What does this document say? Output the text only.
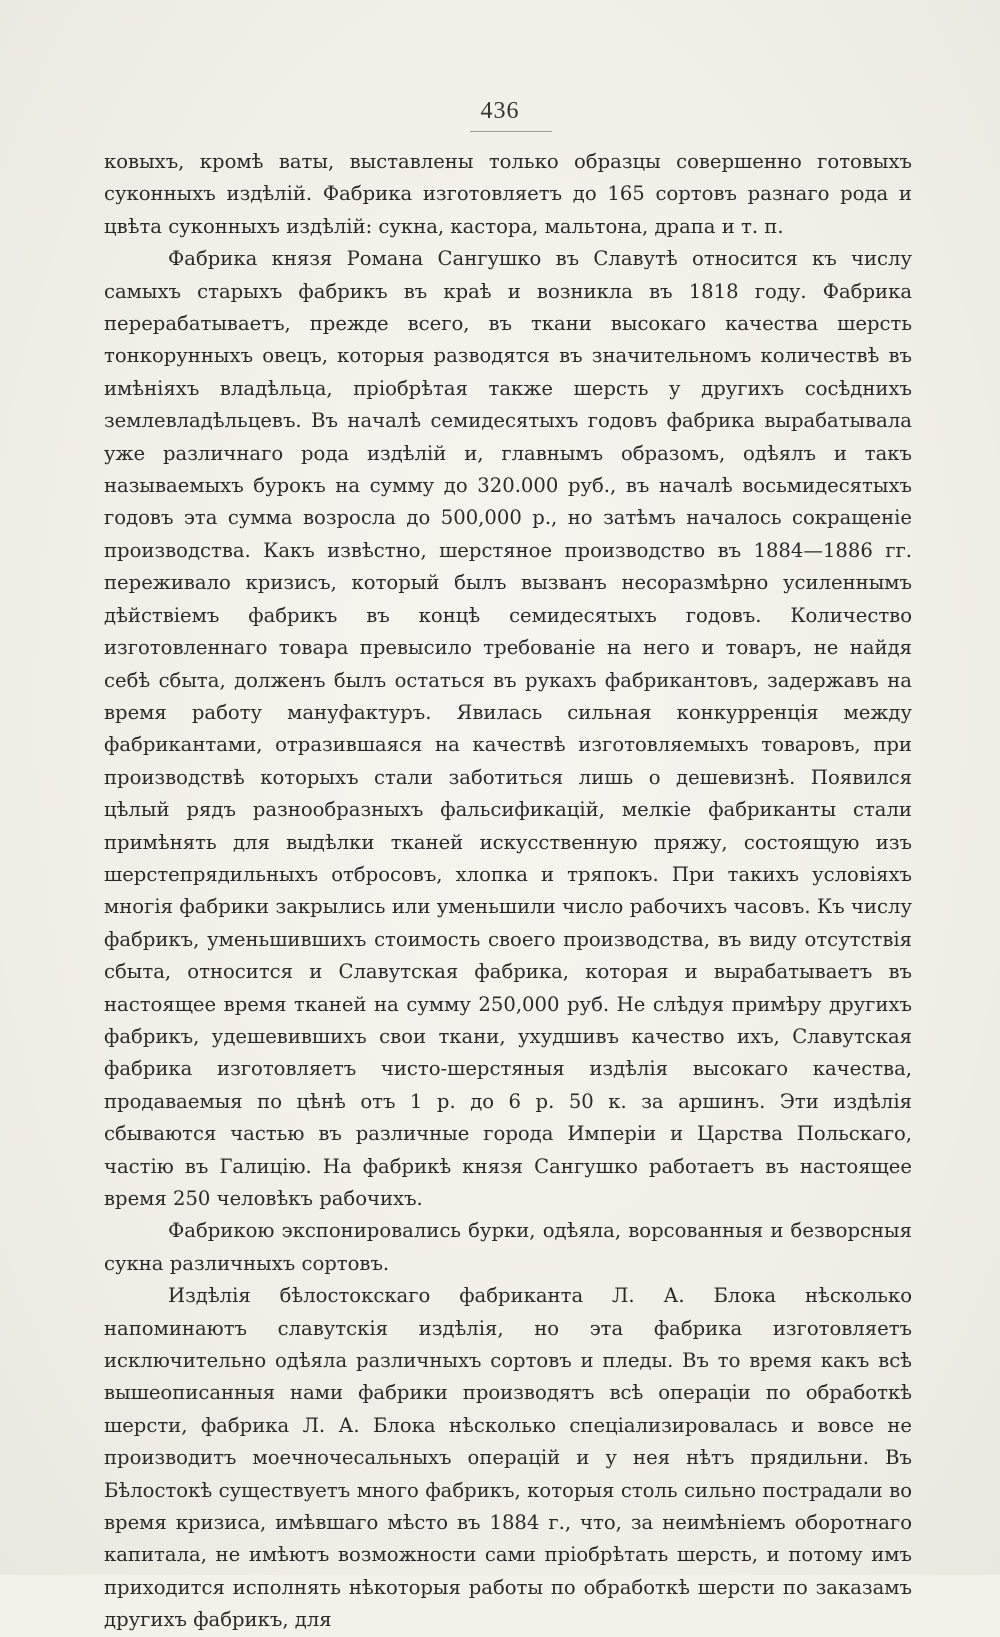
436

ковыхъ, кромѣ ваты, выставлены только образцы совершенно готовыхъ суконныхъ издѣлій. Фабрика изготовляетъ до 165 сортовъ разнаго рода и цвѣта суконныхъ издѣлій: сукна, кастора, мальтона, драпа и т. п.

Фабрика князя Романа Сангушко въ Славутѣ относится къ числу самыхъ старыхъ фабрикъ въ краѣ и возникла въ 1818 году. Фабрика перерабатываетъ, прежде всего, въ ткани высокаго качества шерсть тонкорунныхъ овецъ, которыя разводятся въ значительномъ количествѣ въ имѣніяхъ владѣльца, пріобрѣтая также шерсть у другихъ сосѣднихъ землевладѣльцевъ. Въ началѣ семидесятыхъ годовъ фабрика вырабатывала уже различнаго рода издѣлій и, главнымъ образомъ, одѣялъ и такъ называемыхъ бурокъ на сумму до 320.000 руб., въ началѣ восьмидесятыхъ годовъ эта сумма возросла до 500,000 р., но затѣмъ началось сокращеніе производства. Какъ извѣстно, шерстяное производство въ 1884—1886 гг. переживало кризисъ, который былъ вызванъ несоразмѣрно усиленнымъ дѣйствіемъ фабрикъ въ концѣ семидесятыхъ годовъ. Количество изготовленнаго товара превысило требованіе на него и товаръ, не найдя себѣ сбыта, долженъ былъ остаться въ рукахъ фабрикантовъ, задержавъ на время работу мануфактуръ. Явилась сильная конкурренція между фабрикантами, отразившаяся на качествѣ изготовляемыхъ товаровъ, при производствѣ которыхъ стали заботиться лишь о дешевизнѣ. Появился цѣлый рядъ разнообразныхъ фальсификацій, мелкіе фабриканты стали примѣнять для выдѣлки тканей искусственную пряжу, состоящую изъ шерстепрядильныхъ отбросовъ, хлопка и тряпокъ. При такихъ условіяхъ многія фабрики закрылись или уменьшили число рабочихъ часовъ. Къ числу фабрикъ, уменьшившихъ стоимость своего производства, въ виду отсутствія сбыта, относится и Славутская фабрика, которая и вырабатываетъ въ настоящее время тканей на сумму 250,000 руб. Не слѣдуя примѣру другихъ фабрикъ, удешевившихъ свои ткани, ухудшивъ качество ихъ, Славутская фабрика изготовляетъ чисто-шерстяныя издѣлія высокаго качества, продаваемыя по цѣнѣ отъ 1 р. до 6 р. 50 к. за аршинъ. Эти издѣлія сбываются частью въ различные города Имперіи и Царства Польскаго, частію въ Галицію. На фабрикѣ князя Сангушко работаетъ въ настоящее время 250 человѣкъ рабочихъ.

Фабрикою экспонировались бурки, одѣяла, ворсованныя и безворсныя сукна различныхъ сортовъ.

Издѣлія бѣлостокскаго фабриканта Л. А. Блока нѣсколько напоминаютъ славутскія издѣлія, но эта фабрика изготовляетъ исключительно одѣяла различныхъ сортовъ и пледы. Въ то время какъ всѣ вышеописанныя нами фабрики производятъ всѣ операціи по обработкѣ шерсти, фабрика Л. А. Блока нѣсколько спеціализировалась и вовсе не производитъ моечночесальныхъ операцій и у нея нѣтъ прядильни. Въ Бѣлостокѣ существуетъ много фабрикъ, которыя столь сильно пострадали во время кризиса, имѣвшаго мѣсто въ 1884 г., что, за неимѣніемъ оборотнаго капитала, не имѣютъ возможности сами пріобрѣтать шерсть, и потому имъ приходится исполнять нѣкоторыя работы по обработкѣ шерсти по заказамъ другихъ фабрикъ, для
